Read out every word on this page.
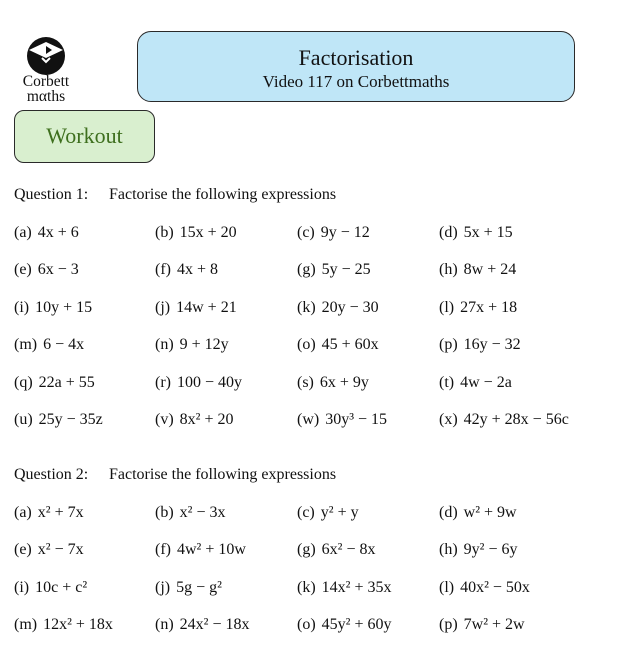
Corbett
mαths
Factorisation
Video 117 on Corbettmaths
Workout
Question 1: Factorise the following expressions
(a) 4x + 6	(b) 15x + 20	(c) 9y − 12	(d) 5x + 15
(e) 6x − 3	(f) 4x + 8	(g) 5y − 25	(h) 8w + 24
(i) 10y + 15	(j) 14w + 21	(k) 20y − 30	(l) 27x + 18
(m) 6 − 4x	(n) 9 + 12y	(o) 45 + 60x	(p) 16y − 32
(q) 22a + 55	(r) 100 − 40y	(s) 6x + 9y	(t) 4w − 2a
(u) 25y − 35z	(v) 8x² + 20	(w) 30y³ − 15	(x) 42y + 28x − 56c
Question 2: Factorise the following expressions
(a) x² + 7x	(b) x² − 3x	(c) y² + y	(d) w² + 9w
(e) x² − 7x	(f) 4w² + 10w	(g) 6x² − 8x	(h) 9y² − 6y
(i) 10c + c²	(j) 5g − g²	(k) 14x² + 35x	(l) 40x² − 50x
(m) 12x² + 18x	(n) 24x² − 18x	(o) 45y² + 60y	(p) 7w² + 2w
